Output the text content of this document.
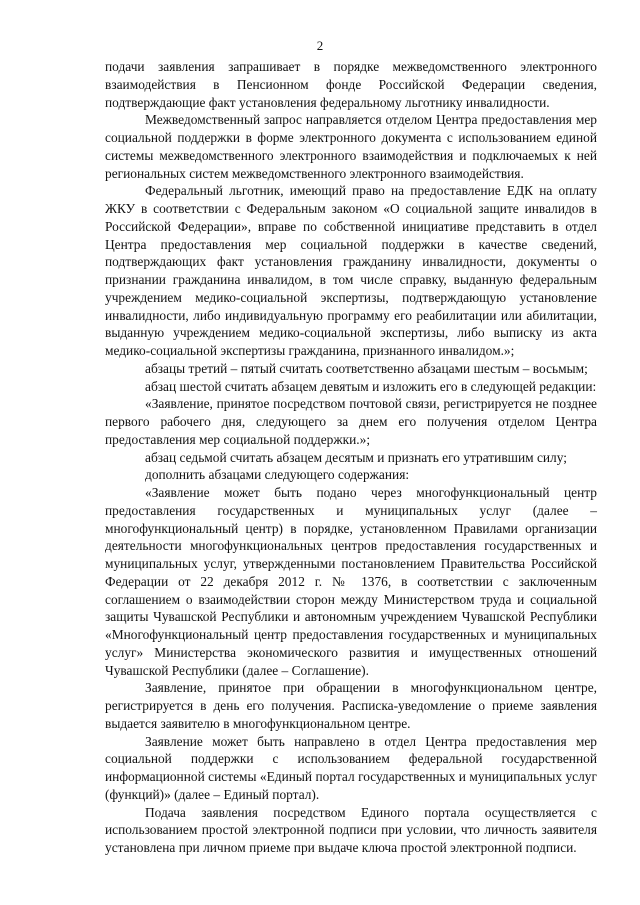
2

подачи заявления запрашивает в порядке межведомственного электронного взаимодействия в Пенсионном фонде Российской Федерации сведения, подтверждающие факт установления федеральному льготнику инвалидности.

Межведомственный запрос направляется отделом Центра предоставления мер социальной поддержки в форме электронного документа с использованием единой системы межведомственного электронного взаимодействия и подключаемых к ней региональных систем межведомственного электронного взаимодействия.

Федеральный льготник, имеющий право на предоставление ЕДК на оплату ЖКУ в соответствии с Федеральным законом «О социальной защите инвалидов в Российской Федерации», вправе по собственной инициативе представить в отдел Центра предоставления мер социальной поддержки в качестве сведений, подтверждающих факт установления гражданину инвалидности, документы о признании гражданина инвалидом, в том числе справку, выданную федеральным учреждением медико-социальной экспертизы, подтверждающую установление инвалидности, либо индивидуальную программу его реабилитации или абилитации, выданную учреждением медико-социальной экспертизы, либо выписку из акта медико-социальной экспертизы гражданина, признанного инвалидом.»;

абзацы третий – пятый считать соответственно абзацами шестым – восьмым;

абзац шестой считать абзацем девятым и изложить его в следующей редакции:

«Заявление, принятое посредством почтовой связи, регистрируется не позднее первого рабочего дня, следующего за днем его получения отделом Центра предоставления мер социальной поддержки.»;

абзац седьмой считать абзацем десятым и признать его утратившим силу;

дополнить абзацами следующего содержания:

«Заявление может быть подано через многофункциональный центр предоставления государственных и муниципальных услуг (далее – многофункциональный центр) в порядке, установленном Правилами организации деятельности многофункциональных центров предоставления государственных и муниципальных услуг, утвержденными постановлением Правительства Российской Федерации от 22 декабря 2012 г. № 1376, в соответствии с заключенным соглашением о взаимодействии сторон между Министерством труда и социальной защиты Чувашской Республики и автономным учреждением Чувашской Республики «Многофункциональный центр предоставления государственных и муниципальных услуг» Министерства экономического развития и имущественных отношений Чувашской Республики (далее – Соглашение).

Заявление, принятое при обращении в многофункциональном центре, регистрируется в день его получения. Расписка-уведомление о приеме заявления выдается заявителю в многофункциональном центре.

Заявление может быть направлено в отдел Центра предоставления мер социальной поддержки с использованием федеральной государственной информационной системы «Единый портал государственных и муниципальных услуг (функций)» (далее – Единый портал).

Подача заявления посредством Единого портала осуществляется с использованием простой электронной подписи при условии, что личность заявителя установлена при личном приеме при выдаче ключа простой электронной подписи.
